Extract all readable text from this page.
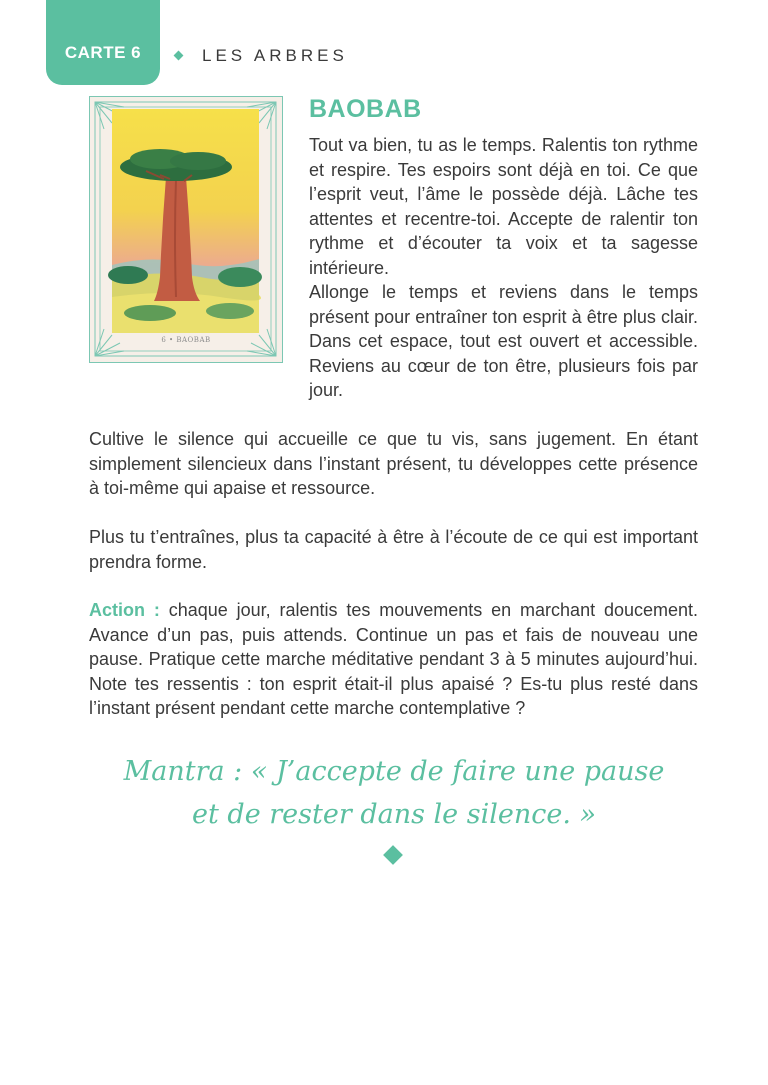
CARTE 6	LES ARBRES
6 • BAOBAB
BAOBAB

Tout va bien, tu as le temps. Ralentis ton rythme et respire. Tes espoirs sont déjà en toi. Ce que l’esprit veut, l’âme le possède déjà. Lâche tes attentes et recentre-toi. Accepte de ralentir ton rythme et d’écouter ta voix et ta sagesse intérieure.

Allonge le temps et reviens dans le temps présent pour entraîner ton esprit à être plus clair. Dans cet espace, tout est ouvert et accessible. Reviens au cœur de ton être, plusieurs fois par jour.

Cultive le silence qui accueille ce que tu vis, sans jugement. En étant simplement silencieux dans l’instant présent, tu développes cette présence à toi-même qui apaise et ressource.

Plus tu t’entraînes, plus ta capacité à être à l’écoute de ce qui est important prendra forme.

Action : chaque jour, ralentis tes mouvements en marchant doucement. Avance d’un pas, puis attends. Continue un pas et fais de nouveau une pause. Pratique cette marche méditative pendant 3 à 5 minutes aujourd’hui. Note tes ressentis : ton esprit était-il plus apaisé ? Es-tu plus resté dans l’instant présent pendant cette marche contemplative ?

Mantra : « J’accepte de faire une pause

et de rester dans le silence. »
